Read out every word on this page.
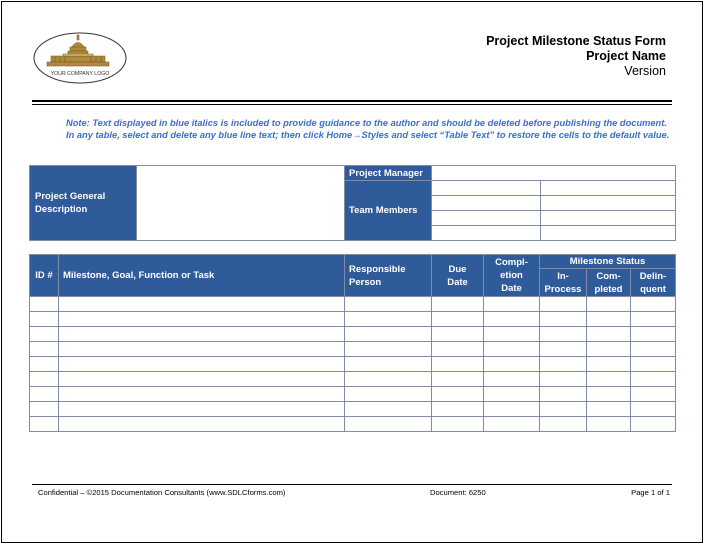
YOUR COMPANY LOGO
Project Milestone Status Form
Project Name
Version
Note: Text displayed in blue italics is included to provide guidance to the author and should be deleted before publishing the document. In any table, select and delete any blue line text; then click Home→Styles and select “Table Text” to restore the cells to the default value.
Project General Description		Project Manager		
		Team Members		

ID #	Milestone, Goal, Function or Task	Responsible Person	Due Date	Compl-etion Date	Milestone Status		
					In-Process	Com-pleted	Delin-quent

Confidential – ©2015 Documentation Consultants (www.SDLCforms.com)	Document: 6250	Page 1 of 1
